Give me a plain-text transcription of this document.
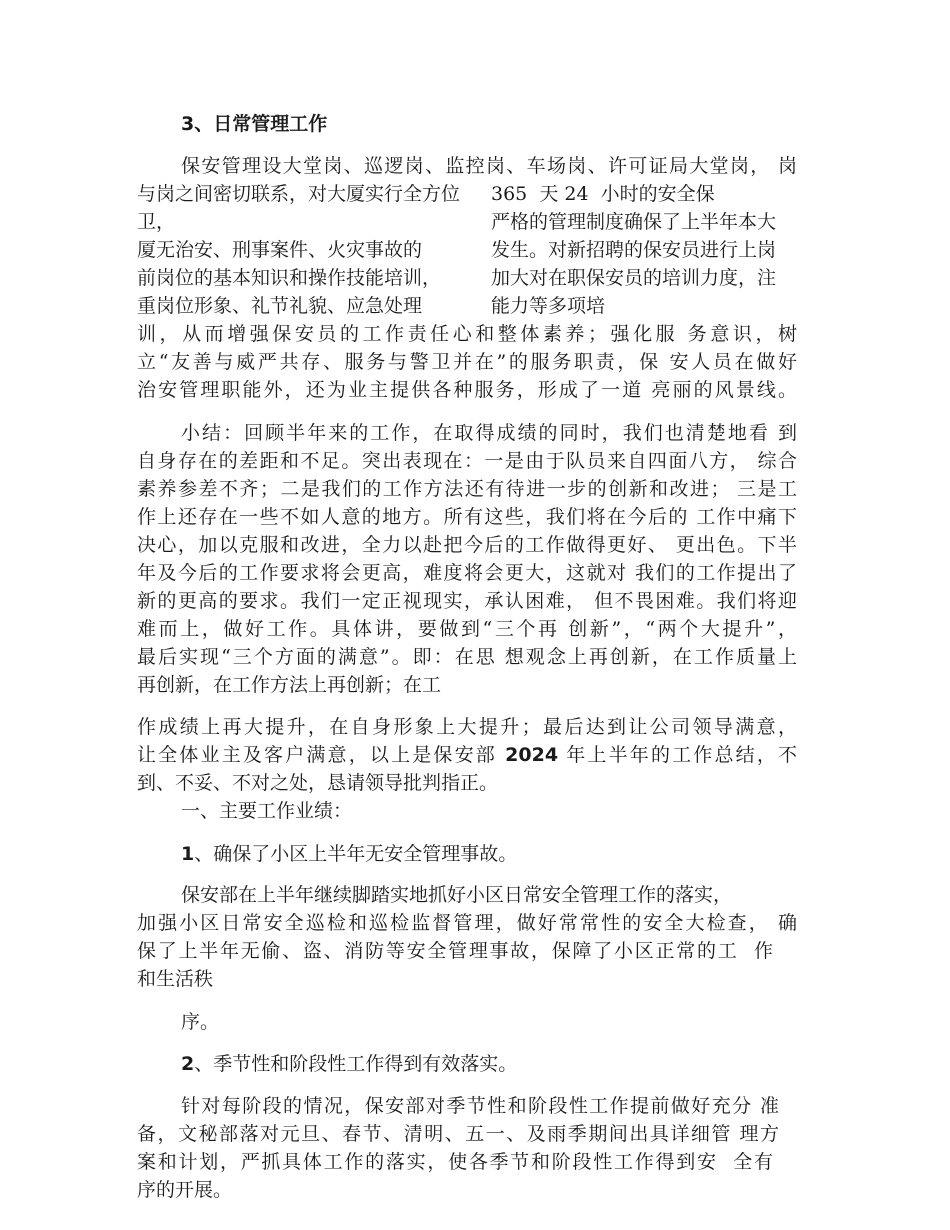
3、日常管理工作
保安管理设大堂岗、巡逻岗、监控岗、车场岗、许可证局大堂岗， 岗
与岗之间密切联系，对大厦实行全方位 365  天 24  小时的安全保
卫，	严格的管理制度确保了上半年本大
厦无治安、刑事案件、火灾事故的	发生。对新招聘的保安员进行上岗
前岗位的基本知识和操作技能培训，	加大对在职保安员的培训力度，注
重岗位形象、礼节礼貌、应急处理	能力等多项培
训，从而增强保安员的工作责任心和整体素养；强化服 务意识，树
立“友善与威严共存、服务与警卫并在”的服务职责，保 安人员在做好
治安管理职能外，还为业主提供各种服务，形成了一道 亮丽的风景线。
小结：回顾半年来的工作，在取得成绩的同时，我们也清楚地看 到
自身存在的差距和不足。突出表现在：一是由于队员来自四面八方， 综合
素养参差不齐；二是我们的工作方法还有待进一步的创新和改进； 三是工
作上还存在一些不如人意的地方。所有这些，我们将在今后的 工作中痛下
决心，加以克服和改进，全力以赴把今后的工作做得更好、 更出色。下半
年及今后的工作要求将会更高，难度将会更大，这就对 我们的工作提出了
新的更高的要求。我们一定正视现实，承认困难， 但不畏困难。我们将迎
难而上，做好工作。具体讲，要做到“三个再 创新”，“两个大提升”，
最后实现“三个方面的满意”。即：在思 想观念上再创新，在工作质量上
再创新，在工作方法上再创新；在工
作成绩上再大提升，在自身形象上大提升；最后达到让公司领导满意，
让全体业主及客户满意，以上是保安部 2024 年上半年的工作总结，不
到、不妥、不对之处，恳请领导批判指正。
一、主要工作业绩：
1、确保了小区上半年无安全管理事故。
保安部在上半年继续脚踏实地抓好小区日常安全管理工作的落实，
加强小区日常安全巡检和巡检监督管理，做好常常性的安全大检查， 确
保了上半年无偷、盗、消防等安全管理事故，保障了小区正常的工  作
和生活秩
序。
2、季节性和阶段性工作得到有效落实。
针对每阶段的情况，保安部对季节性和阶段性工作提前做好充分 准
备，文秘部落对元旦、春节、清明、五一、及雨季期间出具详细管 理方
案和计划，严抓具体工作的落实，使各季节和阶段性工作得到安  全有
序的开展。
